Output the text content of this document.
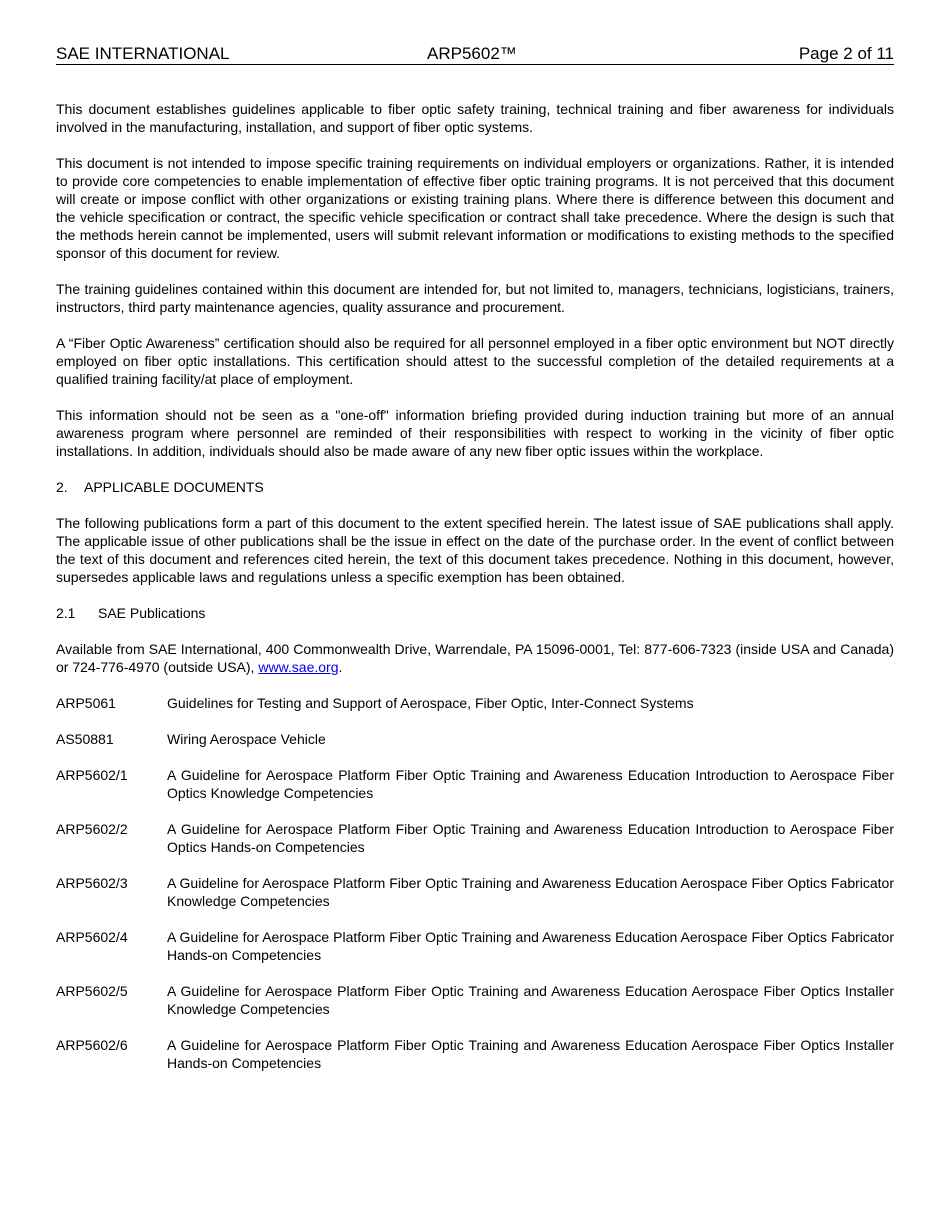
SAE INTERNATIONAL	ARP5602™	Page 2 of 11

This document establishes guidelines applicable to fiber optic safety training, technical training and fiber awareness for individuals involved in the manufacturing, installation, and support of fiber optic systems.

This document is not intended to impose specific training requirements on individual employers or organizations. Rather, it is intended to provide core competencies to enable implementation of effective fiber optic training programs. It is not perceived that this document will create or impose conflict with other organizations or existing training plans. Where there is difference between this document and the vehicle specification or contract, the specific vehicle specification or contract shall take precedence. Where the design is such that the methods herein cannot be implemented, users will submit relevant information or modifications to existing methods to the specified sponsor of this document for review.

The training guidelines contained within this document are intended for, but not limited to, managers, technicians, logisticians, trainers, instructors, third party maintenance agencies, quality assurance and procurement.

A “Fiber Optic Awareness” certification should also be required for all personnel employed in a fiber optic environment but NOT directly employed on fiber optic installations. This certification should attest to the successful completion of the detailed requirements at a qualified training facility/at place of employment.

This information should not be seen as a "one-off" information briefing provided during induction training but more of an annual awareness program where personnel are reminded of their responsibilities with respect to working in the vicinity of fiber optic installations. In addition, individuals should also be made aware of any new fiber optic issues within the workplace.

2. APPLICABLE DOCUMENTS

The following publications form a part of this document to the extent specified herein. The latest issue of SAE publications shall apply. The applicable issue of other publications shall be the issue in effect on the date of the purchase order. In the event of conflict between the text of this document and references cited herein, the text of this document takes precedence. Nothing in this document, however, supersedes applicable laws and regulations unless a specific exemption has been obtained.

2.1 SAE Publications

Available from SAE International, 400 Commonwealth Drive, Warrendale, PA 15096-0001, Tel: 877-606-7323 (inside USA and Canada) or 724-776-4970 (outside USA), www.sae.org.

ARP5061	Guidelines for Testing and Support of Aerospace, Fiber Optic, Inter-Connect Systems
AS50881	Wiring Aerospace Vehicle
ARP5602/1	A Guideline for Aerospace Platform Fiber Optic Training and Awareness Education Introduction to Aerospace Fiber Optics Knowledge Competencies
ARP5602/2	A Guideline for Aerospace Platform Fiber Optic Training and Awareness Education Introduction to Aerospace Fiber Optics Hands-on Competencies
ARP5602/3	A Guideline for Aerospace Platform Fiber Optic Training and Awareness Education Aerospace Fiber Optics Fabricator Knowledge Competencies
ARP5602/4	A Guideline for Aerospace Platform Fiber Optic Training and Awareness Education Aerospace Fiber Optics Fabricator Hands-on Competencies
ARP5602/5	A Guideline for Aerospace Platform Fiber Optic Training and Awareness Education Aerospace Fiber Optics Installer Knowledge Competencies
ARP5602/6	A Guideline for Aerospace Platform Fiber Optic Training and Awareness Education Aerospace Fiber Optics Installer Hands-on Competencies
